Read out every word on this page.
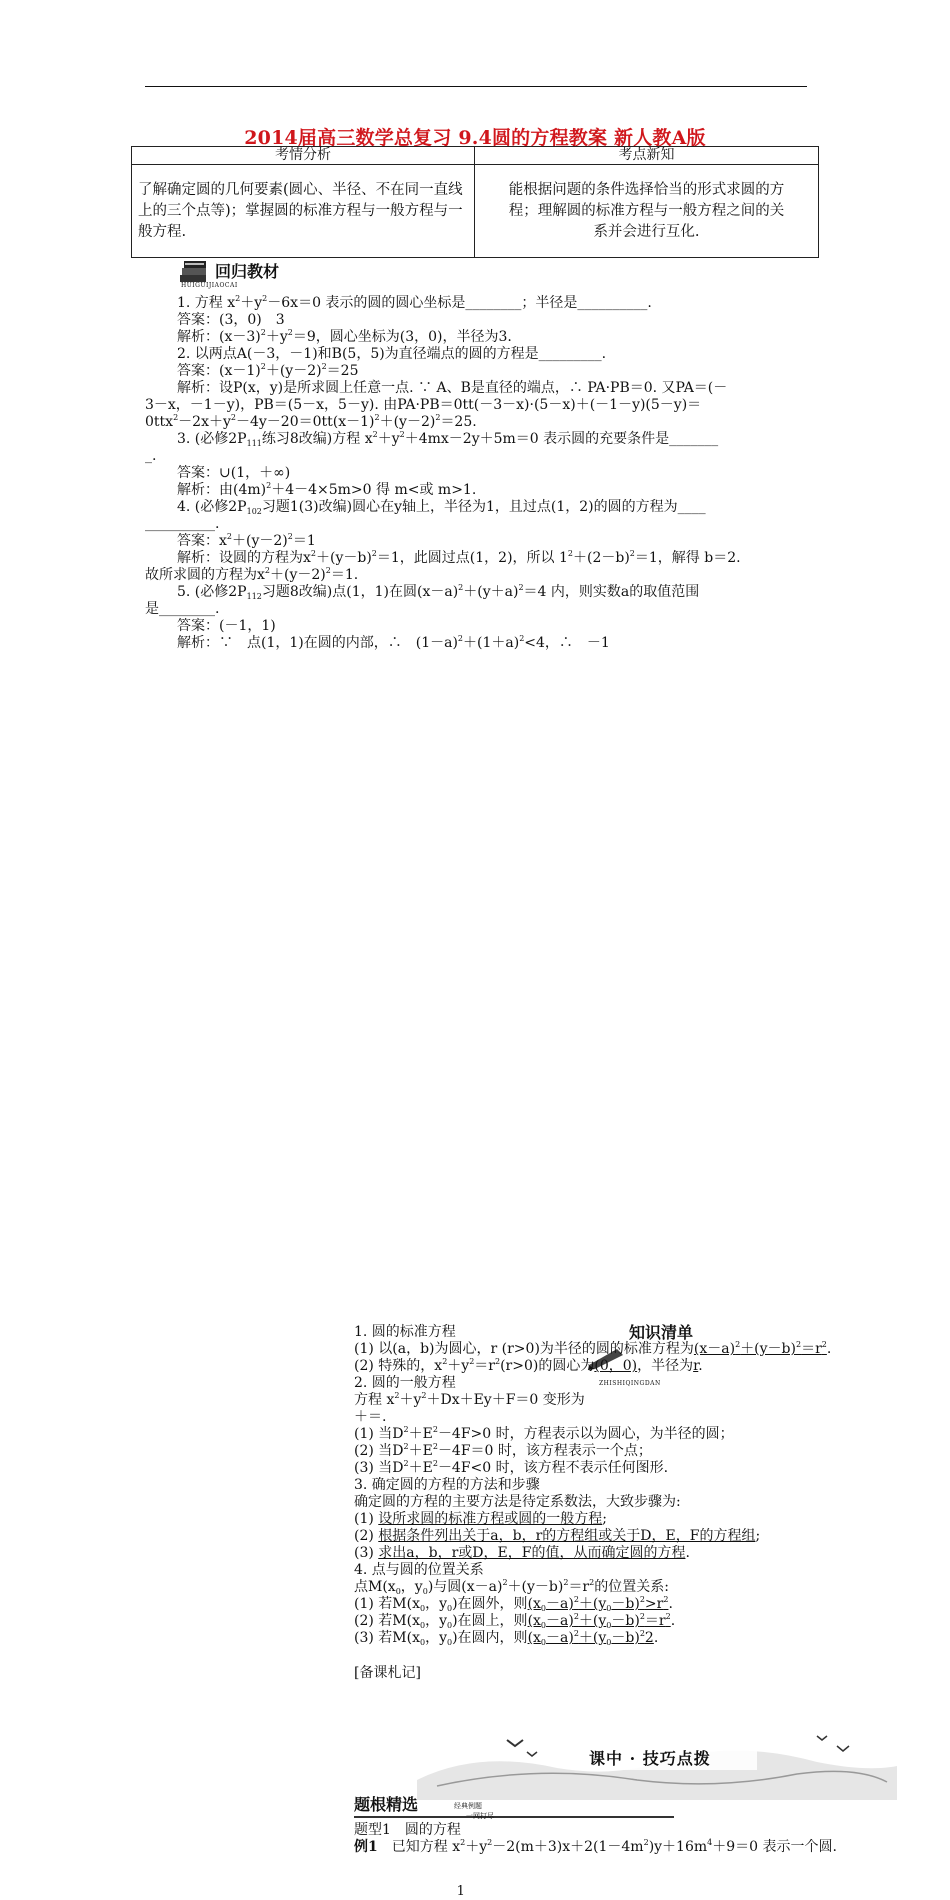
2014届高三数学总复习 9.4圆的方程教案 新人教A版
考情分析	考点新知
了解确定圆的几何要素(圆心、半径、不在同一直线上的三个点等)；掌握圆的标准方程与一般方程与一般方程.	能根据问题的条件选择恰当的形式求圆的方程；理解圆的标准方程与一般方程之间的关系并会进行互化.
回归教材
HUIGUIJIAOCAI
1. 方程 $x^2+y^2-6x=0$ 表示的圆的圆心坐标是________；半径是__________.
答案：(3，0)　3
解析：$(x-3)^2+y^2=9$，圆心坐标为(3，0)，半径为3.
2. 以两点A(－3，－1)和B(5，5)为直径端点的圆的方程是_________.
答案：$(x-1)^2+(y-2)^2=25$
解析：设P(x，y)是所求圆上任意一点. ∵ A、B是直径的端点，∴ PA·PB＝0. 又PA＝(－
3－x，－1－y)，PB＝(5－x，5－y). 由PA·PB＝0tt(－3－x)·(5－x)＋(－1－y)(5－y)＝
$0ttx^2-2x+y^2-4y-20=0tt(x-1)^2+(y-2)^2=25$.
3. (必修2P111练习8改编)方程 $x^2+y^2+4mx-2y+5m=0$ 表示圆的充要条件是_______
_.
答案：∪(1，＋∞)
解析：由$(4m)^2+4-4\times 5m>0$ 得 m<或 m>1.
4. (必修2P102习题1(3)改编)圆心在y轴上，半径为1，且过点(1，2)的圆的方程为____
__________.
答案：$x^2+(y-2)^2=1$
解析：设圆的方程为$x^2+(y-b)^2=1$，此圆过点(1，2)，所以 $1^2+(2-b)^2=1$，解得 b＝2.
故所求圆的方程为$x^2+(y-2)^2=1$.
5. (必修2P112习题8改编)点(1，1)在圆$(x-a)^2+(y+a)^2=4$ 内，则实数a的取值范围
是________.
答案：(－1，1)
解析：∵　点(1，1)在圆的内部，∴　$(1-a)^2+(1+a)^2<4$，∴　－1

知识清单

ZHISHIQINGDAN

1. 圆的标准方程

(1) 以(a，b)为圆心，r (r>0)为半径的圆的标准方程为$(x-a)^2+(y-b)^2=r^2$.

(2) 特殊的，$x^2+y^2=r^2(r>0)$的圆心为(0，0)，半径为r.

2. 圆的一般方程

方程 $x^2+y^2+Dx+Ey+F=0$ 变形为

＋＝.

(1) 当$D^2+E^2-4F>0$ 时，方程表示以为圆心，为半径的圆；

(2) 当$D^2+E^2-4F=0$ 时，该方程表示一个点；

(3) 当$D^2+E^2-4F<0$ 时，该方程不表示任何图形.

3. 确定圆的方程的方法和步骤

确定圆的方程的主要方法是待定系数法，大致步骤为:

(1) 设所求圆的标准方程或圆的一般方程;

(2) 根据条件列出关于a，b，r的方程组或关于D，E，F的方程组;

(3) 求出a，b，r或D，E，F的值，从而确定圆的方程.

4. 点与圆的位置关系

点M(x0，y0)与圆$(x-a)^2+(y-b)^2=r^2$的位置关系:

(1) 若M(x0，y0)在圆外，则$(x0-a)^2+(y0-b)^2>r^2$.

(2) 若M(x0，y0)在圆上，则$(x0-a)^2+(y0-b)^2=r^2$.

(3) 若M(x0，y0)在圆内，则$(x0-a)^2+(y0-b)^22$.

[备课札记]

课中 · 技巧点拨

题根精选

	经典例题

一网打尽

题型1　圆的方程

例1　已知方程 $x^2+y^2-2(m+3)x+2(1-4m^2)y+16m^4+9=0$ 表示一个圆.

1
